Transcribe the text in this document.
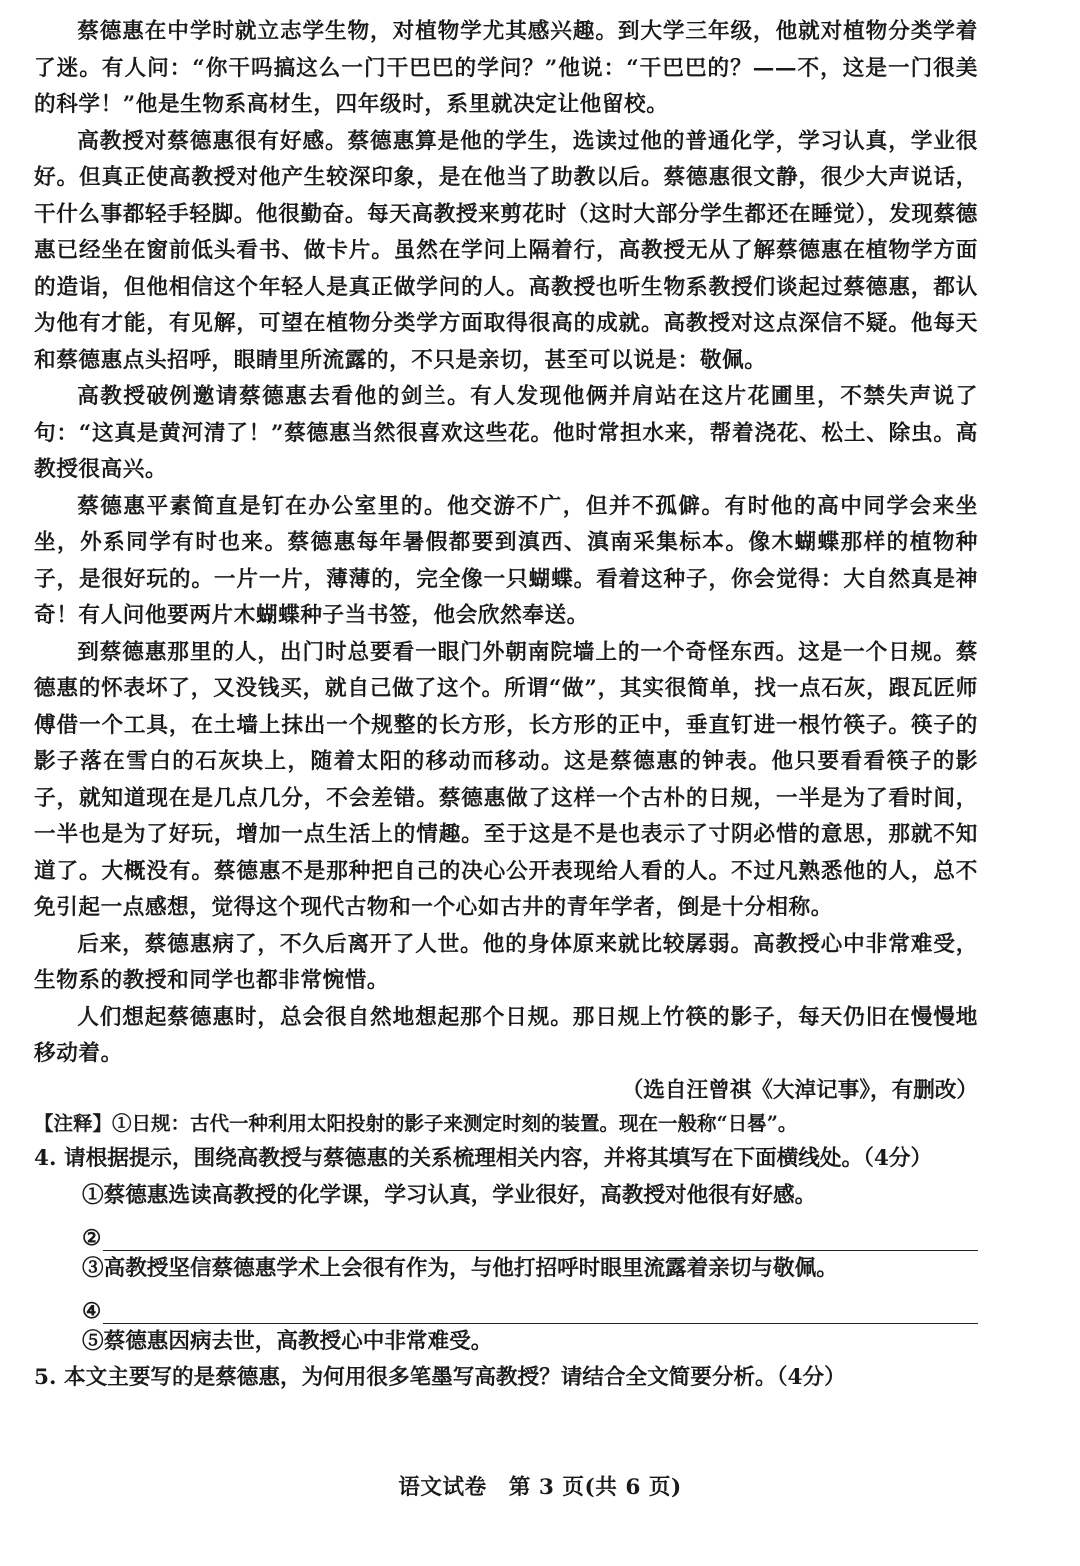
蔡德惠在中学时就立志学生物，对植物学尤其感兴趣。到大学三年级，他就对植物分类学着了迷。有人问：“你干吗搞这么一门干巴巴的学问？”他说：“干巴巴的？——不，这是一门很美的科学！”他是生物系高材生，四年级时，系里就决定让他留校。

高教授对蔡德惠很有好感。蔡德惠算是他的学生，选读过他的普通化学，学习认真，学业很好。但真正使高教授对他产生较深印象，是在他当了助教以后。蔡德惠很文静，很少大声说话，干什么事都轻手轻脚。他很勤奋。每天高教授来剪花时（这时大部分学生都还在睡觉），发现蔡德惠已经坐在窗前低头看书、做卡片。虽然在学问上隔着行，高教授无从了解蔡德惠在植物学方面的造诣，但他相信这个年轻人是真正做学问的人。高教授也听生物系教授们谈起过蔡德惠，都认为他有才能，有见解，可望在植物分类学方面取得很高的成就。高教授对这点深信不疑。他每天和蔡德惠点头招呼，眼睛里所流露的，不只是亲切，甚至可以说是：敬佩。

高教授破例邀请蔡德惠去看他的剑兰。有人发现他俩并肩站在这片花圃里，不禁失声说了句：“这真是黄河清了！”蔡德惠当然很喜欢这些花。他时常担水来，帮着浇花、松土、除虫。高教授很高兴。

蔡德惠平素简直是钉在办公室里的。他交游不广，但并不孤僻。有时他的高中同学会来坐坐，外系同学有时也来。蔡德惠每年暑假都要到滇西、滇南采集标本。像木蝴蝶那样的植物种子，是很好玩的。一片一片，薄薄的，完全像一只蝴蝶。看着这种子，你会觉得：大自然真是神奇！有人问他要两片木蝴蝶种子当书签，他会欣然奉送。

到蔡德惠那里的人，出门时总要看一眼门外朝南院墙上的一个奇怪东西。这是一个日规。蔡德惠的怀表坏了，又没钱买，就自己做了这个。所谓“做”，其实很简单，找一点石灰，跟瓦匠师傅借一个工具，在土墙上抹出一个规整的长方形，长方形的正中，垂直钉进一根竹筷子。筷子的影子落在雪白的石灰块上，随着太阳的移动而移动。这是蔡德惠的钟表。他只要看看筷子的影子，就知道现在是几点几分，不会差错。蔡德惠做了这样一个古朴的日规，一半是为了看时间，一半也是为了好玩，增加一点生活上的情趣。至于这是不是也表示了寸阴必惜的意思，那就不知道了。大概没有。蔡德惠不是那种把自己的决心公开表现给人看的人。不过凡熟悉他的人，总不免引起一点感想，觉得这个现代古物和一个心如古井的青年学者，倒是十分相称。

后来，蔡德惠病了，不久后离开了人世。他的身体原来就比较孱弱。高教授心中非常难受，生物系的教授和同学也都非常惋惜。

人们想起蔡德惠时，总会很自然地想起那个日规。那日规上竹筷的影子，每天仍旧在慢慢地移动着。

（选自汪曾祺《大淖记事》，有删改）

【注释】①日规：古代一种利用太阳投射的影子来测定时刻的装置。现在一般称“日晷”。

4. 请根据提示，围绕高教授与蔡德惠的关系梳理相关内容，并将其填写在下面横线处。（4分）

①蔡德惠选读高教授的化学课，学习认真，学业很好，高教授对他很有好感。

②

③高教授坚信蔡德惠学术上会很有作为，与他打招呼时眼里流露着亲切与敬佩。

④

⑤蔡德惠因病去世，高教授心中非常难受。

5. 本文主要写的是蔡德惠，为何用很多笔墨写高教授？请结合全文简要分析。（4分）

语文试卷　第 3 页(共 6 页)
